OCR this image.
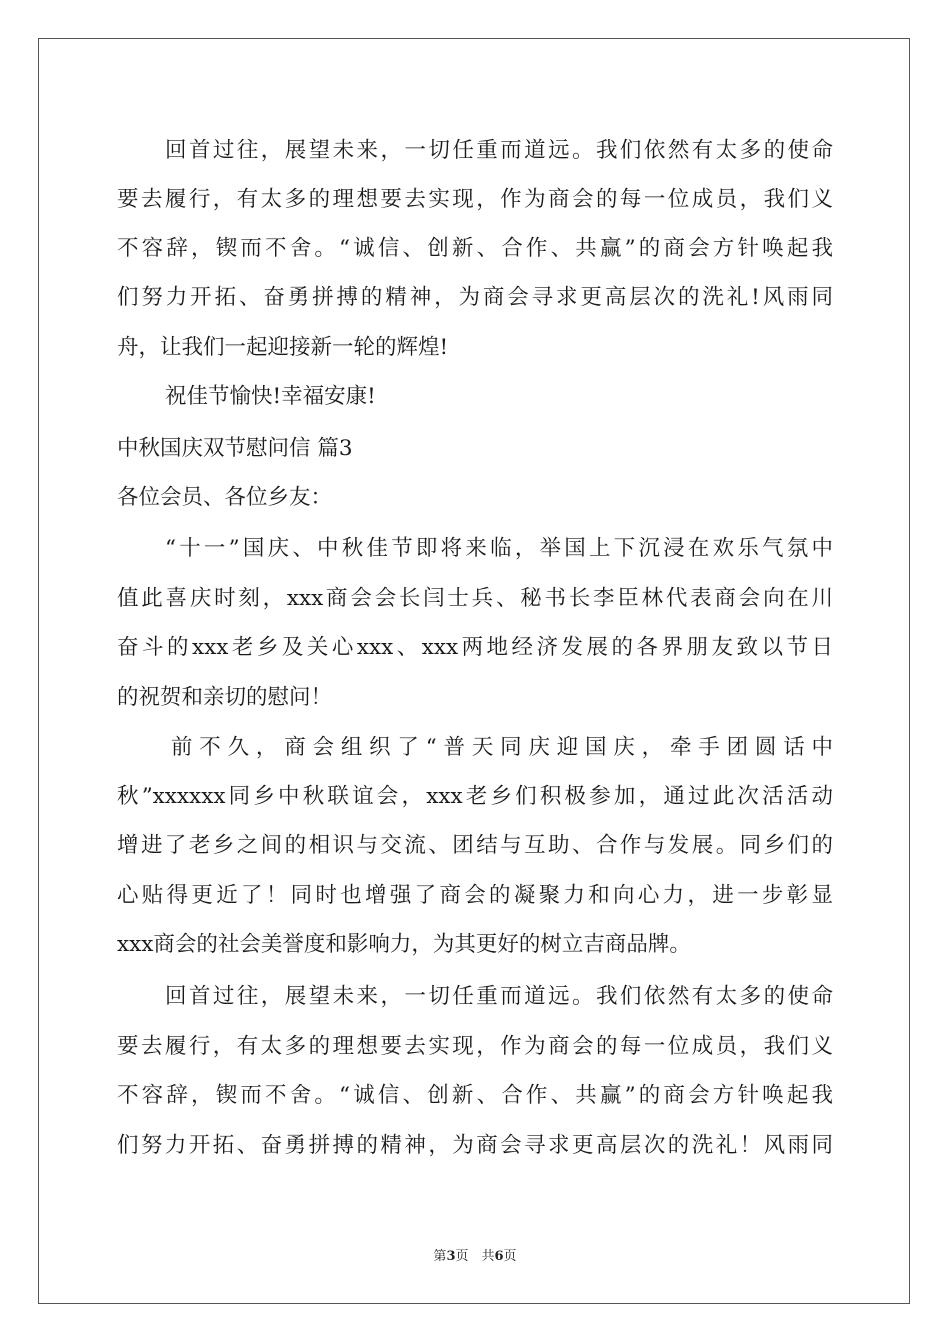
回首过往，展望未来，一切任重而道远。我们依然有太多的使命
要去履行，有太多的理想要去实现，作为商会的每一位成员，我们义
不容辞，锲而不舍。“诚信、创新、合作、共赢”的商会方针唤起我
们努力开拓、奋勇拼搏的精神，为商会寻求更高层次的洗礼!风雨同
舟，让我们一起迎接新一轮的辉煌!
祝佳节愉快!幸福安康!
中秋国庆双节慰问信 篇3
各位会员、各位乡友：
“十一”国庆、中秋佳节即将来临，举国上下沉浸在欢乐气氛中
值此喜庆时刻，xxx商会会长闫士兵、秘书长李臣林代表商会向在川
奋斗的xxx老乡及关心xxx、xxx两地经济发展的各界朋友致以节日
的祝贺和亲切的慰问！
前不久，商会组织了“普天同庆迎国庆，牵手团圆话中
秋”xxxxxx同乡中秋联谊会，xxx老乡们积极参加，通过此次活活动
增进了老乡之间的相识与交流、团结与互助、合作与发展。同乡们的
心贴得更近了！同时也增强了商会的凝聚力和向心力，进一步彰显
xxx商会的社会美誉度和影响力，为其更好的树立吉商品牌。
回首过往，展望未来，一切任重而道远。我们依然有太多的使命
要去履行，有太多的理想要去实现，作为商会的每一位成员，我们义
不容辞，锲而不舍。“诚信、创新、合作、共赢”的商会方针唤起我
们努力开拓、奋勇拼搏的精神，为商会寻求更高层次的洗礼！风雨同
第3页　共6页
